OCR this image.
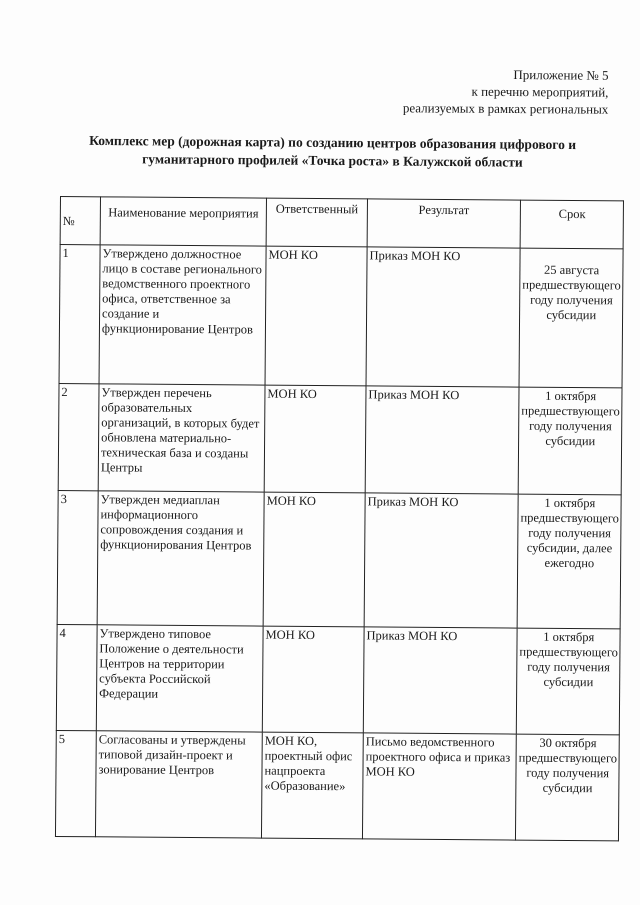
Приложение № 5
к перечню мероприятий,
реализуемых в рамках региональных
Комплекс мер (дорожная карта) по созданию центров образования цифрового и
гуманитарного профилей «Точка роста» в Калужской области
№	Наименование мероприятия	Ответственный	Результат	Срок
1	Утверждено должностное лицо в составе регионального ведомственного проектного офиса, ответственное за создание и функционирование Центров	МОН КО	Приказ МОН КО	25 августа предшествующего году получения субсидии
2	Утвержден перечень образовательных организаций, в которых будет обновлена материально-техническая база и созданы Центры	МОН КО	Приказ МОН КО	1 октября предшествующего году получения субсидии
3	Утвержден медиаплан информационного сопровождения создания и функционирования Центров	МОН КО	Приказ МОН КО	1 октября предшествующего году получения субсидии, далее ежегодно
4	Утверждено типовое Положение о деятельности Центров на территории субъекта Российской Федерации	МОН КО	Приказ МОН КО	1 октября предшествующего году получения субсидии
5	Согласованы и утверждены типовой дизайн-проект и зонирование Центров	МОН КО, проектный офис нацпроекта «Образование»	Письмо ведомственного проектного офиса и приказ МОН КО	30 октября предшествующего году получения субсидии
